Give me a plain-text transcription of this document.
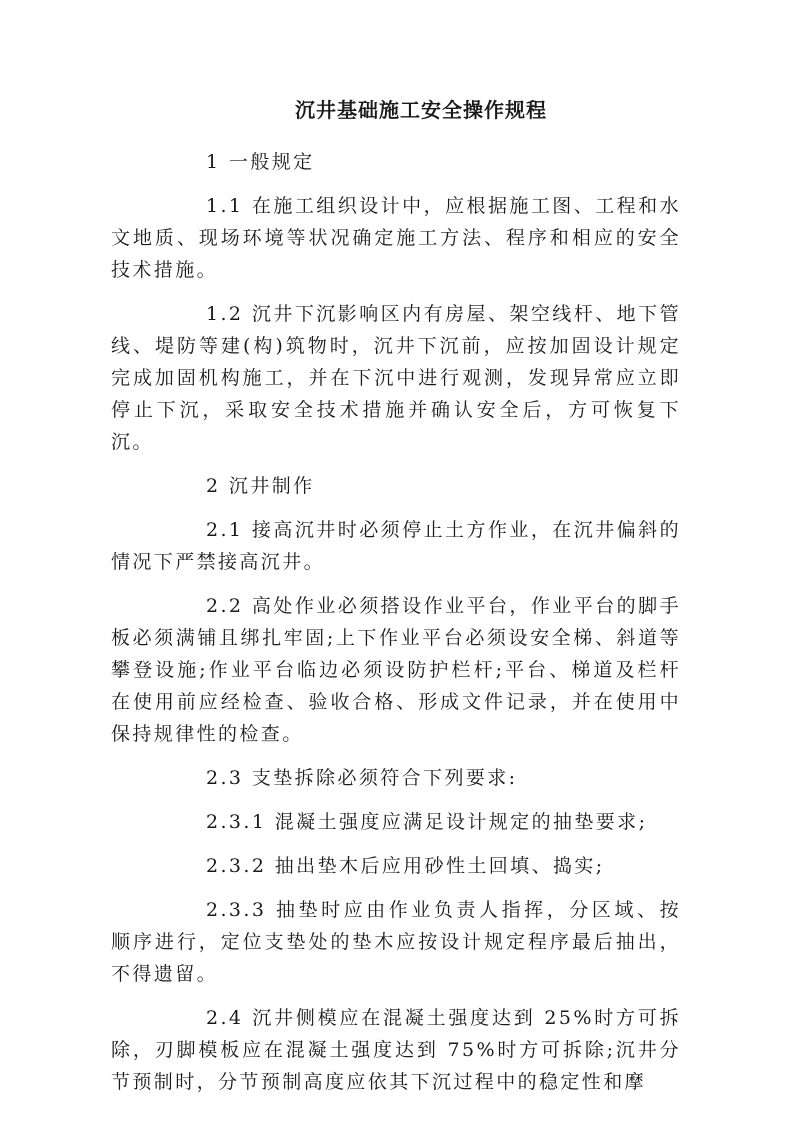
沉井基础施工安全操作规程
1 一般规定

1.1 在施工组织设计中，应根据施工图、工程和水文地质、现场环境等状况确定施工方法、程序和相应的安全技术措施。

1.2 沉井下沉影响区内有房屋、架空线杆、地下管线、堤防等建(构)筑物时，沉井下沉前，应按加固设计规定完成加固机构施工，并在下沉中进行观测，发现异常应立即停止下沉，采取安全技术措施并确认安全后，方可恢复下沉。

2 沉井制作

2.1 接高沉井时必须停止土方作业，在沉井偏斜的情况下严禁接高沉井。

2.2 高处作业必须搭设作业平台，作业平台的脚手板必须满铺且绑扎牢固;上下作业平台必须设安全梯、斜道等攀登设施;作业平台临边必须设防护栏杆;平台、梯道及栏杆在使用前应经检查、验收合格、形成文件记录，并在使用中保持规律性的检查。

2.3 支垫拆除必须符合下列要求:

2.3.1 混凝土强度应满足设计规定的抽垫要求;

2.3.2 抽出垫木后应用砂性土回填、捣实;

2.3.3 抽垫时应由作业负责人指挥，分区域、按顺序进行，定位支垫处的垫木应按设计规定程序最后抽出，不得遗留。

2.4 沉井侧模应在混凝土强度达到 25%时方可拆除，刃脚模板应在混凝土强度达到 75%时方可拆除;沉井分节预制时，分节预制高度应依其下沉过程中的稳定性和摩
